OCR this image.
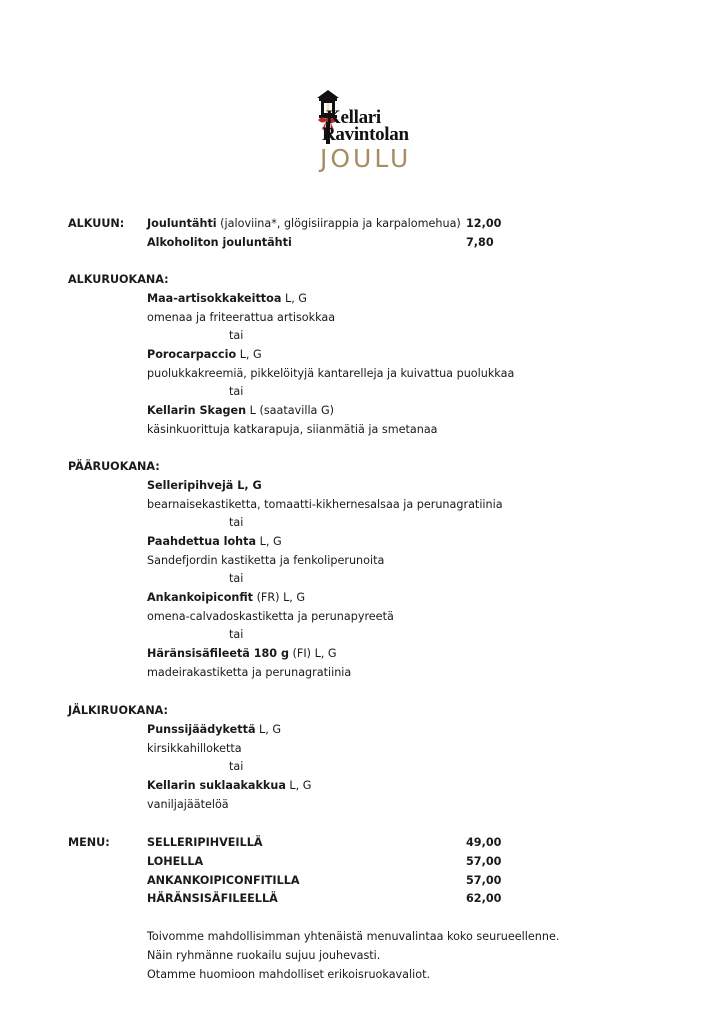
Kellari
Ravintolan
JOULU
ALKUUN: Jouluntähti (jaloviina*, glögisiirappia ja karpalomehua) 12,00
Alkoholiton jouluntähti	7,80
ALKURUOKANA:
Maa-artisokkakeittoa L, G
omenaa ja friteerattua artisokkaa
tai
Porocarpaccio L, G
puolukkakreemiä, pikkelöityjä kantarelleja ja kuivattua puolukkaa
tai
Kellarin Skagen L (saatavilla G)
käsinkuorittuja katkarapuja, siianmätiä ja smetanaa
PÄÄRUOKANA:
Selleripihvejä L, G
bearnaisekastiketta, tomaatti-kikhernesalsaa ja perunagratiinia
tai
Paahdettua lohta L, G
Sandefjordin kastiketta ja fenkoliperunoita
tai
Ankankoipiconfit (FR) L, G
omena-calvadoskastiketta ja perunapyreetä
tai
Häränsisäfileetä 180 g (FI) L, G
madeirakastiketta ja perunagratiinia
JÄLKIRUOKANA:
Punssijäädykettä L, G
kirsikkahilloketta
tai
Kellarin suklaakakkua L, G
vaniljajäätelöä
MENU:	SELLERIPIHVEILLÄ	49,00
LOHELLA	57,00
ANKANKOIPICONFITILLA	57,00
HÄRÄNSISÄFILEELLÄ	62,00
Toivomme mahdollisimman yhtenäistä menuvalintaa koko seurueellenne.
Näin ryhmänne ruokailu sujuu jouhevasti.
Otamme huomioon mahdolliset erikoisruokavaliot.
